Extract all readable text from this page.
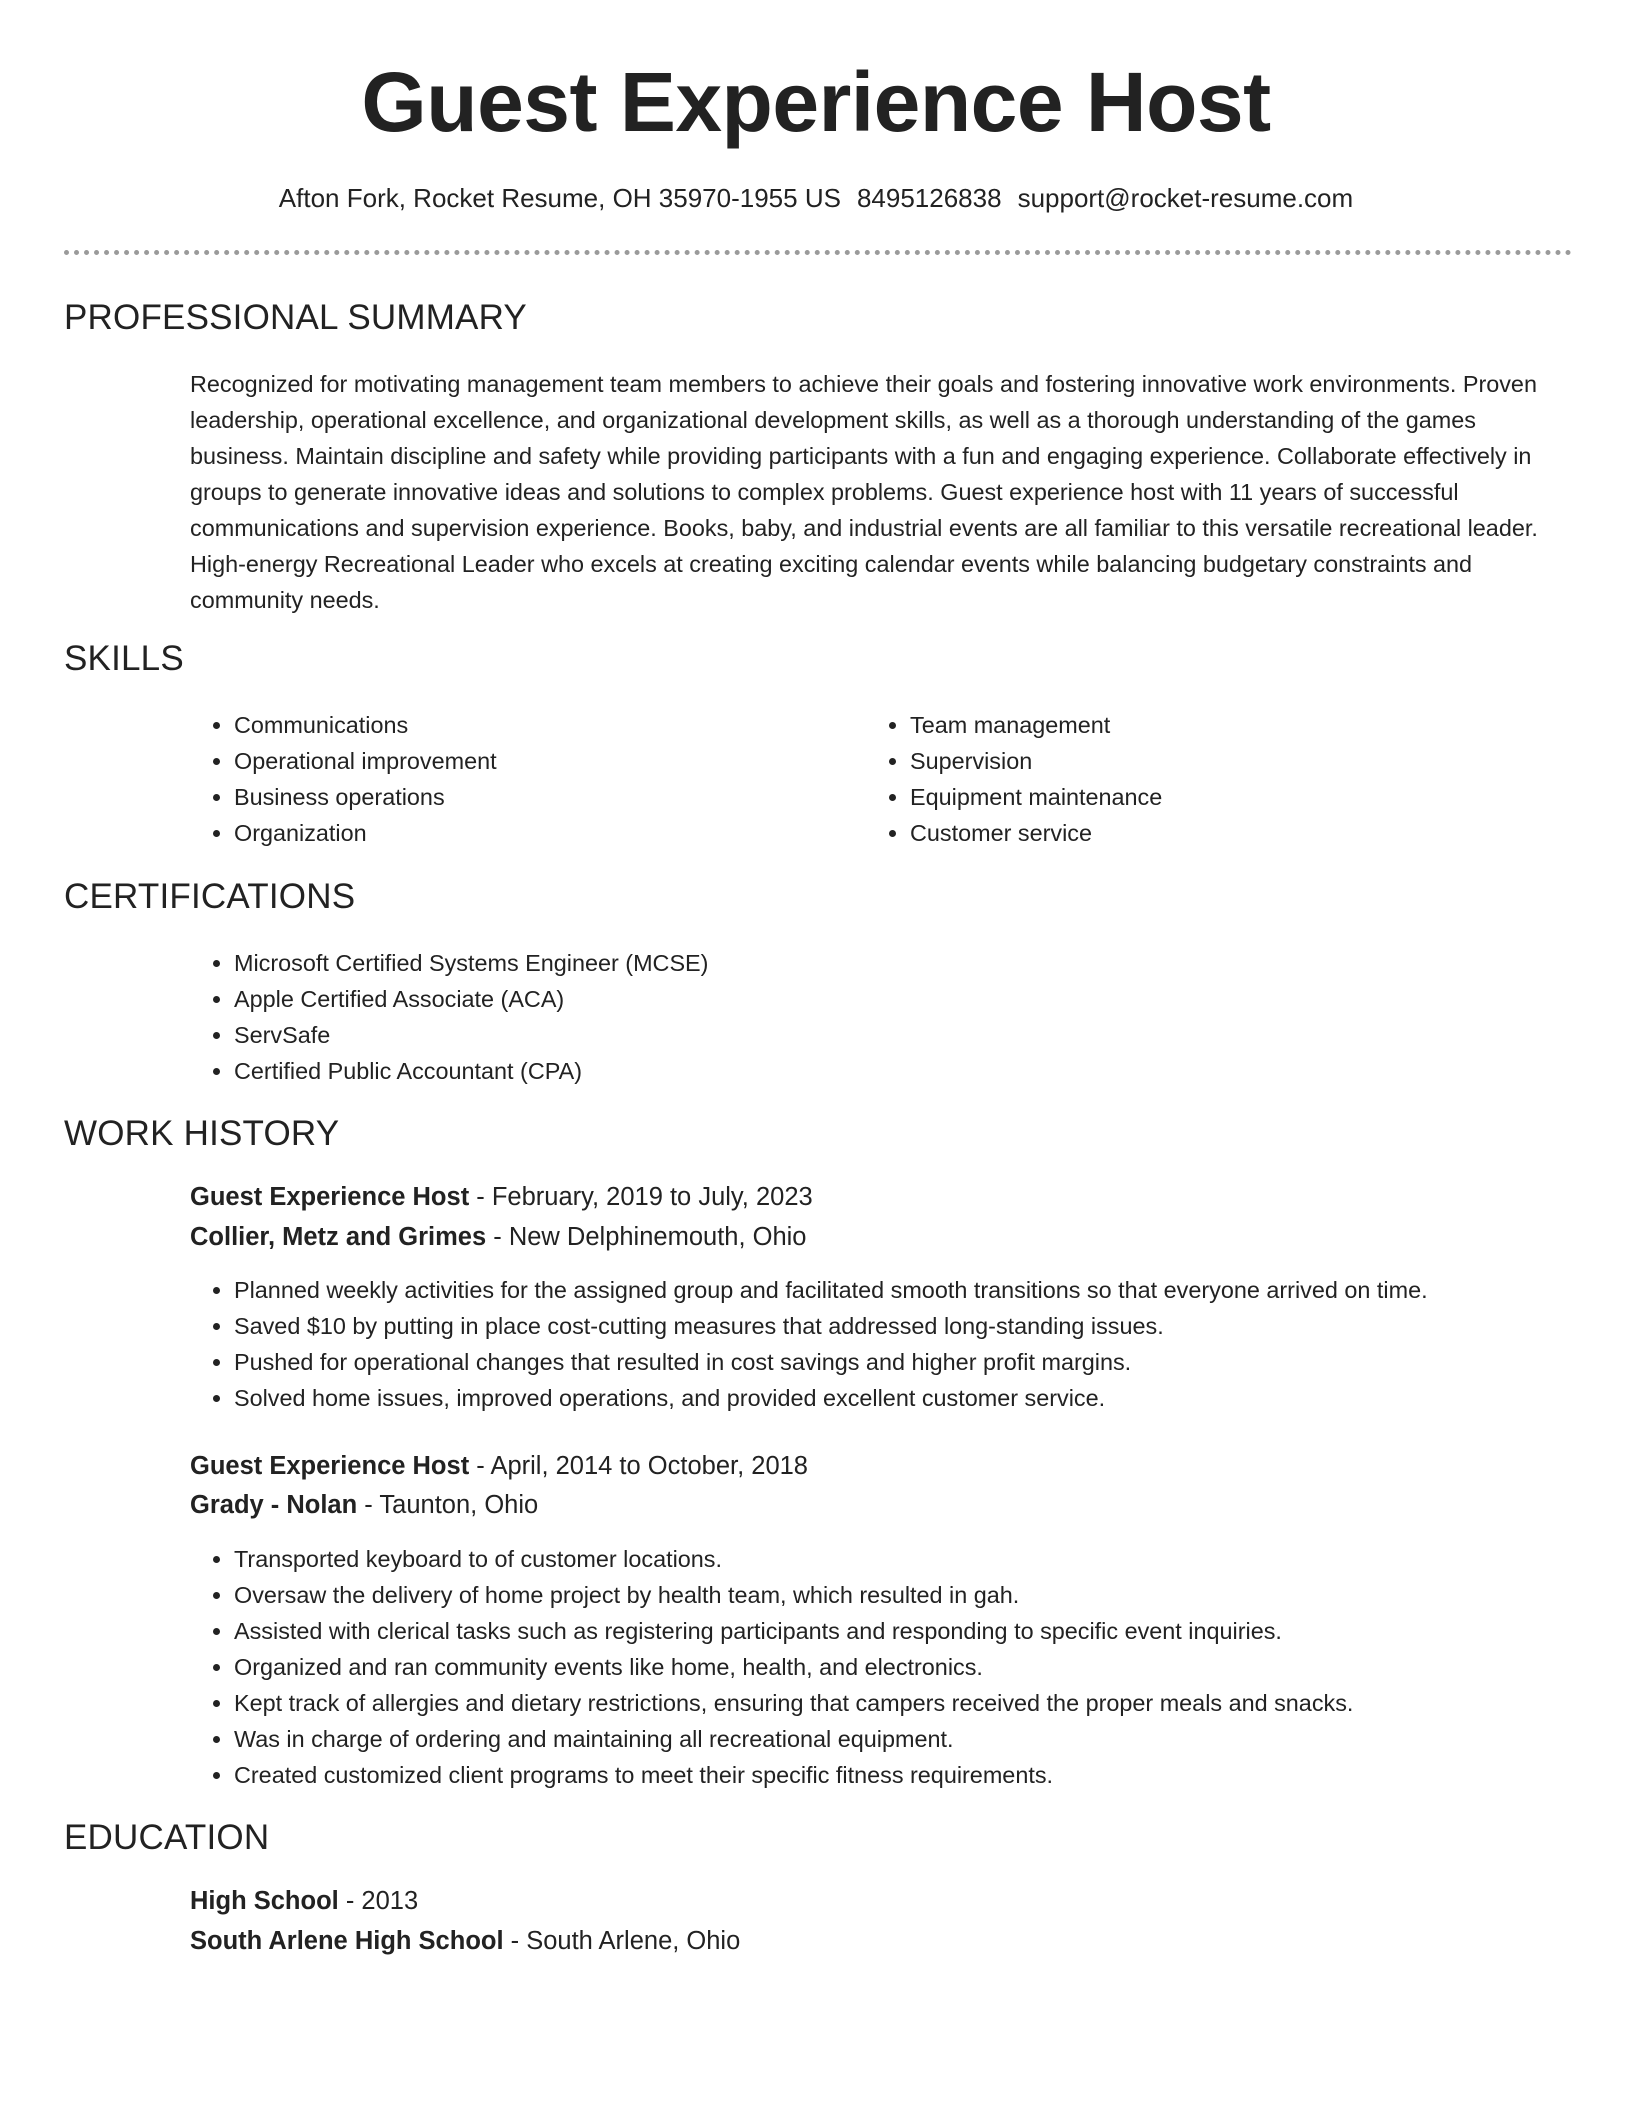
Guest Experience Host
Afton Fork, Rocket Resume, OH 35970-1955 US 8495126838 support@rocket-resume.com
PROFESSIONAL SUMMARY

Recognized for motivating management team members to achieve their goals and fostering innovative work environments. Proven leadership, operational excellence, and organizational development skills, as well as a thorough understanding of the games business. Maintain discipline and safety while providing participants with a fun and engaging experience. Collaborate effectively in groups to generate innovative ideas and solutions to complex problems. Guest experience host with 11 years of successful communications and supervision experience. Books, baby, and industrial events are all familiar to this versatile recreational leader. High-energy Recreational Leader who excels at creating exciting calendar events while balancing budgetary constraints and community needs.

SKILLS
• Communications
• Operational improvement
• Business operations
• Organization
• Team management
• Supervision
• Equipment maintenance
• Customer service
CERTIFICATIONS
• Microsoft Certified Systems Engineer (MCSE)
• Apple Certified Associate (ACA)
• ServSafe
• Certified Public Accountant (CPA)
WORK HISTORY
Guest Experience Host - February, 2019 to July, 2023
Collier, Metz and Grimes - New Delphinemouth, Ohio
• Planned weekly activities for the assigned group and facilitated smooth transitions so that everyone arrived on time.
• Saved $10 by putting in place cost-cutting measures that addressed long-standing issues.
• Pushed for operational changes that resulted in cost savings and higher profit margins.
• Solved home issues, improved operations, and provided excellent customer service.
Guest Experience Host - April, 2014 to October, 2018
Grady - Nolan - Taunton, Ohio
• Transported keyboard to of customer locations.
• Oversaw the delivery of home project by health team, which resulted in gah.
• Assisted with clerical tasks such as registering participants and responding to specific event inquiries.
• Organized and ran community events like home, health, and electronics.
• Kept track of allergies and dietary restrictions, ensuring that campers received the proper meals and snacks.
• Was in charge of ordering and maintaining all recreational equipment.
• Created customized client programs to meet their specific fitness requirements.
EDUCATION
High School - 2013
South Arlene High School - South Arlene, Ohio
